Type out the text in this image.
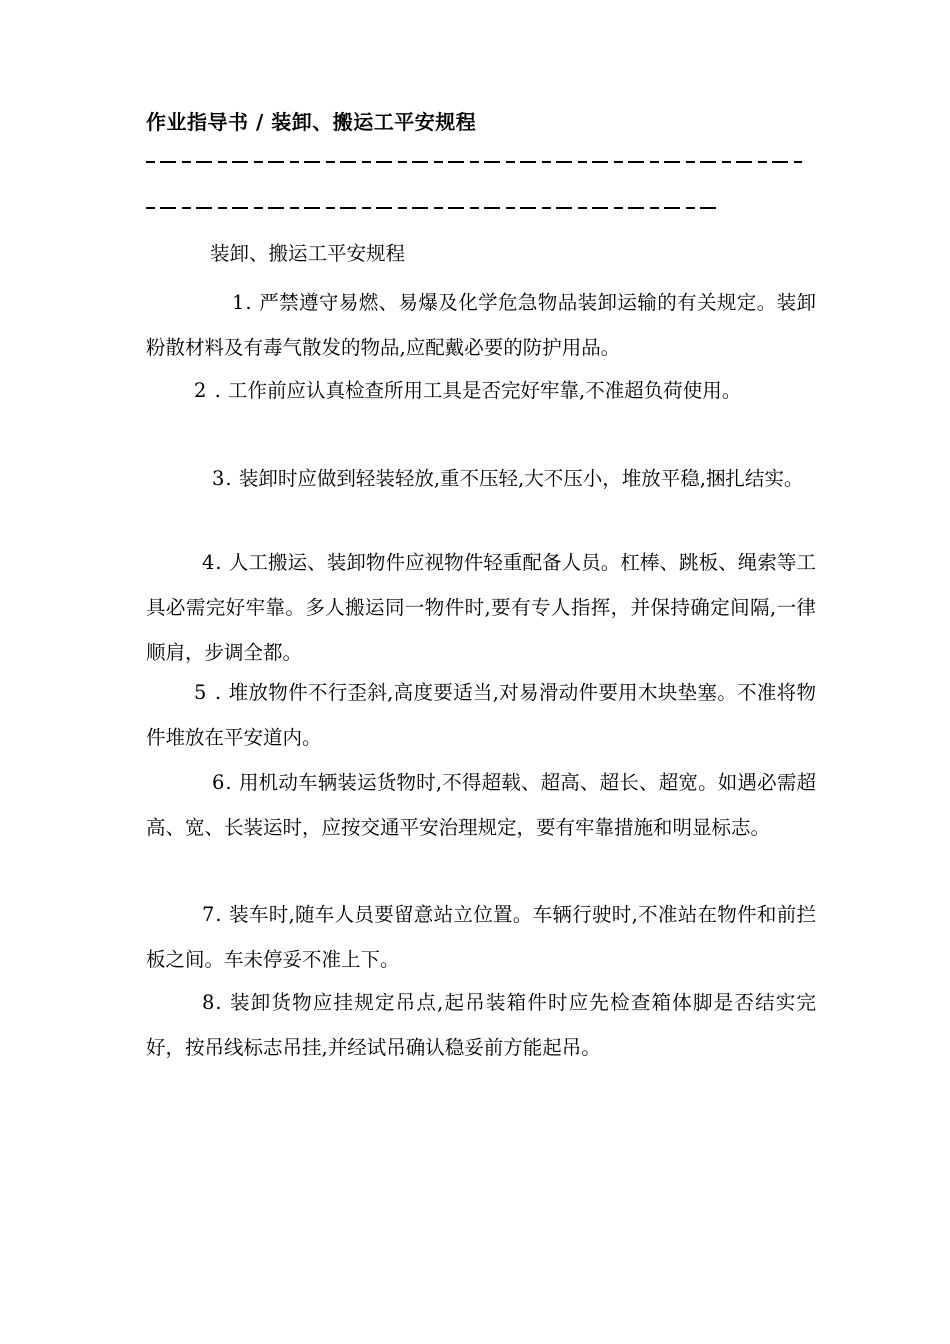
作业指导书 / 装卸、搬运工平安规程
装卸、搬运工平安规程
1. 严禁遵守易燃、易爆及化学危急物品装卸运输的有关规定。装卸粉散材料及有毒气散发的物品,应配戴必要的防护用品。
2 . 工作前应认真检查所用工具是否完好牢靠,不准超负荷使用。
3. 装卸时应做到轻装轻放,重不压轻,大不压小，堆放平稳,捆扎结实。
4. 人工搬运、装卸物件应视物件轻重配备人员。杠棒、跳板、绳索等工具必需完好牢靠。多人搬运同一物件时,要有专人指挥，并保持确定间隔,一律顺肩，步调全都。
5 . 堆放物件不行歪斜,高度要适当,对易滑动件要用木块垫塞。不准将物件堆放在平安道内。
6. 用机动车辆装运货物时,不得超载、超高、超长、超宽。如遇必需超高、宽、长装运时，应按交通平安治理规定，要有牢靠措施和明显标志。
7. 装车时,随车人员要留意站立位置。车辆行驶时,不准站在物件和前拦板之间。车未停妥不准上下。
8. 装卸货物应挂规定吊点,起吊装箱件时应先检查箱体脚是否结实完好，按吊线标志吊挂,并经试吊确认稳妥前方能起吊。
